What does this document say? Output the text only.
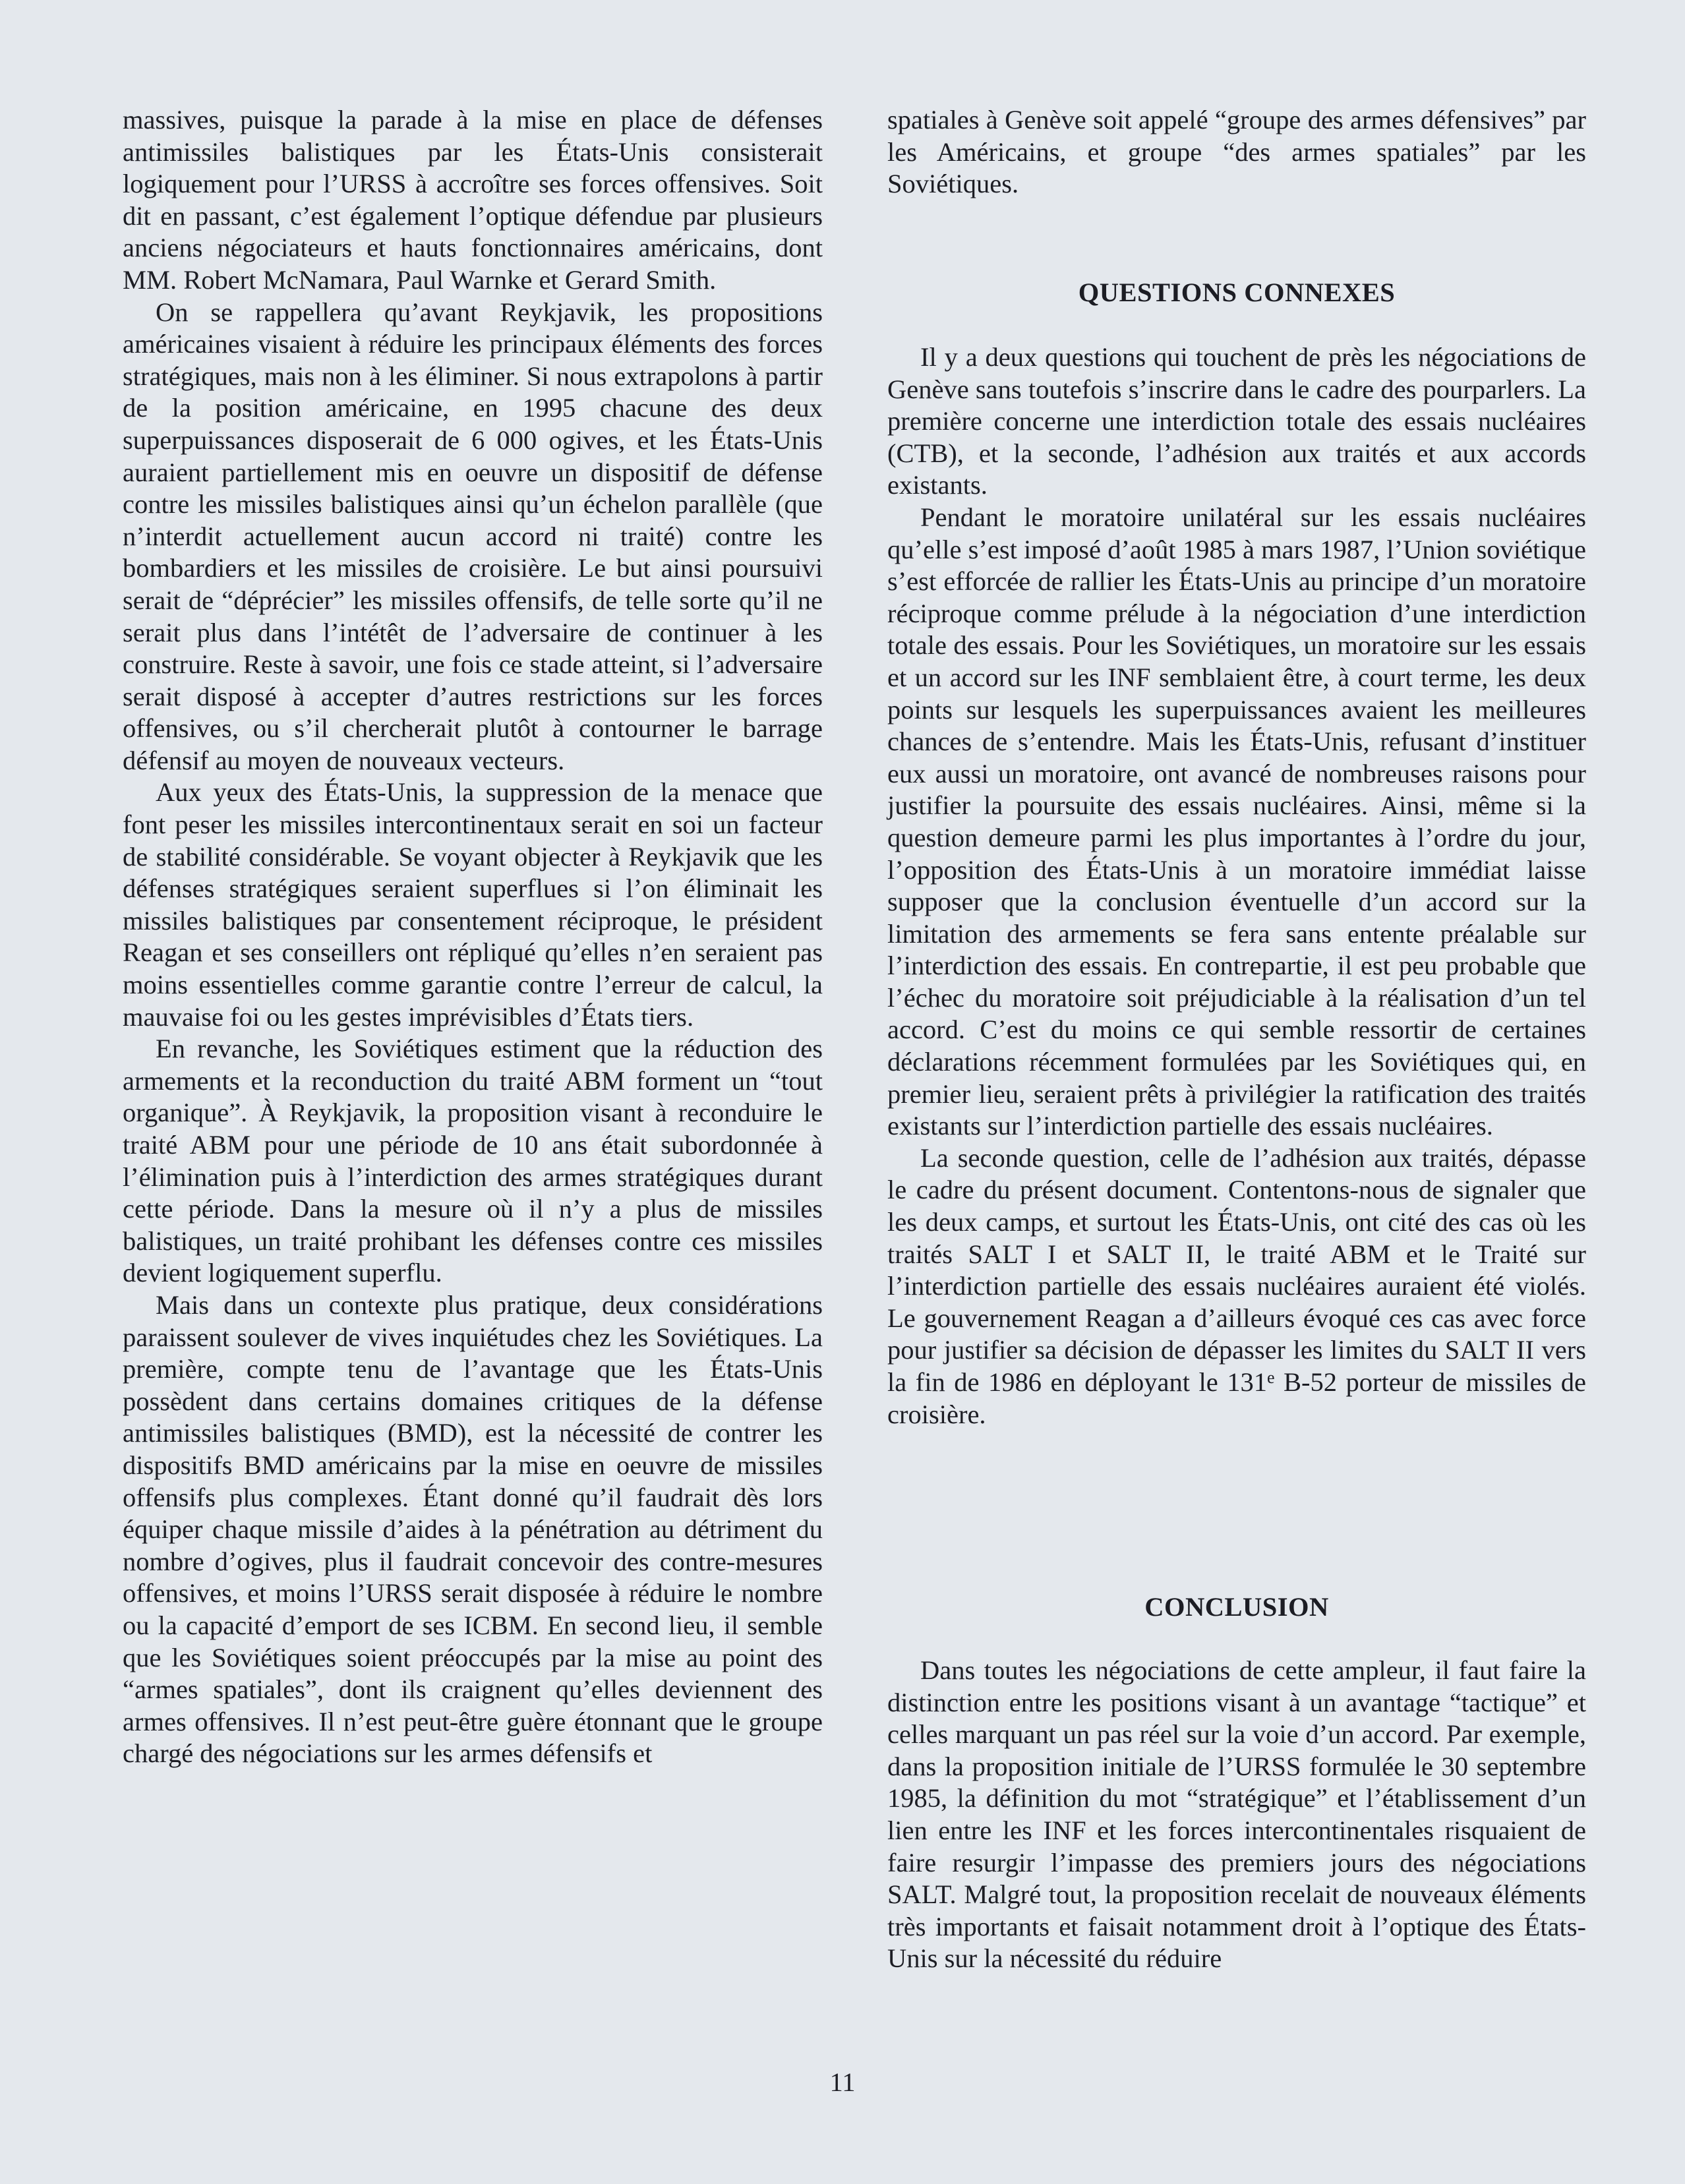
massives, puisque la parade à la mise en place de défenses antimissiles balistiques par les États-Unis consisterait logiquement pour l’URSS à accroître ses forces offensives. Soit dit en passant, c’est également l’optique défendue par plusieurs anciens négociateurs et hauts fonctionnaires américains, dont MM. Robert McNamara, Paul Warnke et Gerard Smith.

On se rappellera qu’avant Reykjavik, les propositions américaines visaient à réduire les principaux éléments des forces stratégiques, mais non à les éliminer. Si nous extrapolons à partir de la position américaine, en 1995 chacune des deux superpuissances disposerait de 6 000 ogives, et les États-Unis auraient partiellement mis en oeuvre un dispositif de défense contre les missiles balistiques ainsi qu’un échelon parallèle (que n’interdit actuellement aucun accord ni traité) contre les bombardiers et les missiles de croisière. Le but ainsi poursuivi serait de “déprécier” les missiles offensifs, de telle sorte qu’il ne serait plus dans l’intétêt de l’adversaire de continuer à les construire. Reste à savoir, une fois ce stade atteint, si l’adversaire serait disposé à accepter d’autres restrictions sur les forces offensives, ou s’il chercherait plutôt à contourner le barrage défensif au moyen de nouveaux vecteurs.

Aux yeux des États-Unis, la suppression de la menace que font peser les missiles intercontinentaux serait en soi un facteur de stabilité considérable. Se voyant objecter à Reykjavik que les défenses stratégiques seraient superflues si l’on éliminait les missiles balistiques par consentement réciproque, le président Reagan et ses conseillers ont répliqué qu’elles n’en seraient pas moins essentielles comme garantie contre l’erreur de calcul, la mauvaise foi ou les gestes imprévisibles d’États tiers.

En revanche, les Soviétiques estiment que la réduction des armements et la reconduction du traité ABM forment un “tout organique”. À Reykjavik, la proposition visant à reconduire le traité ABM pour une période de 10 ans était subordonnée à l’élimination puis à l’interdiction des armes stratégiques durant cette période. Dans la mesure où il n’y a plus de missiles balistiques, un traité prohibant les défenses contre ces missiles devient logiquement superflu.

Mais dans un contexte plus pratique, deux considérations paraissent soulever de vives inquiétudes chez les Soviétiques. La première, compte tenu de l’avantage que les États-Unis possèdent dans certains domaines critiques de la défense antimissiles balistiques (BMD), est la nécessité de contrer les dispositifs BMD américains par la mise en oeuvre de missiles offensifs plus complexes. Étant donné qu’il faudrait dès lors équiper chaque missile d’aides à la pénétration au détriment du nombre d’ogives, plus il faudrait concevoir des contre-mesures offensives, et moins l’URSS serait disposée à réduire le nombre ou la capacité d’emport de ses ICBM. En second lieu, il semble que les Soviétiques soient préoccupés par la mise au point des “armes spatiales”, dont ils craignent qu’elles deviennent des armes offensives. Il n’est peut-être guère étonnant que le groupe chargé des négociations sur les armes défensifs et

spatiales à Genève soit appelé “groupe des armes défensives” par les Américains, et groupe “des armes spatiales” par les Soviétiques.

QUESTIONS CONNEXES

Il y a deux questions qui touchent de près les négociations de Genève sans toutefois s’inscrire dans le cadre des pourparlers. La première concerne une interdiction totale des essais nucléaires (CTB), et la seconde, l’adhésion aux traités et aux accords existants.

Pendant le moratoire unilatéral sur les essais nucléaires qu’elle s’est imposé d’août 1985 à mars 1987, l’Union soviétique s’est efforcée de rallier les États-Unis au principe d’un moratoire réciproque comme prélude à la négociation d’une interdiction totale des essais. Pour les Soviétiques, un moratoire sur les essais et un accord sur les INF semblaient être, à court terme, les deux points sur lesquels les superpuissances avaient les meilleures chances de s’entendre. Mais les États-Unis, refusant d’instituer eux aussi un moratoire, ont avancé de nombreuses raisons pour justifier la poursuite des essais nucléaires. Ainsi, même si la question demeure parmi les plus importantes à l’ordre du jour, l’opposition des États-Unis à un moratoire immédiat laisse supposer que la conclusion éventuelle d’un accord sur la limitation des armements se fera sans entente préalable sur l’interdiction des essais. En contrepartie, il est peu probable que l’échec du moratoire soit préjudiciable à la réalisation d’un tel accord. C’est du moins ce qui semble ressortir de certaines déclarations récemment formulées par les Soviétiques qui, en premier lieu, seraient prêts à privilégier la ratification des traités existants sur l’interdiction partielle des essais nucléaires.

La seconde question, celle de l’adhésion aux traités, dépasse le cadre du présent document. Contentons-nous de signaler que les deux camps, et surtout les États-Unis, ont cité des cas où les traités SALT I et SALT II, le traité ABM et le Traité sur l’interdiction partielle des essais nucléaires auraient été violés. Le gouvernement Reagan a d’ailleurs évoqué ces cas avec force pour justifier sa décision de dépasser les limites du SALT II vers la fin de 1986 en déployant le 131e B-52 porteur de missiles de croisière.

CONCLUSION

Dans toutes les négociations de cette ampleur, il faut faire la distinction entre les positions visant à un avantage “tactique” et celles marquant un pas réel sur la voie d’un accord. Par exemple, dans la proposition initiale de l’URSS formulée le 30 septembre 1985, la définition du mot “stratégique” et l’établissement d’un lien entre les INF et les forces intercontinentales risquaient de faire resurgir l’impasse des premiers jours des négociations SALT. Malgré tout, la proposition recelait de nouveaux éléments très importants et faisait notamment droit à l’optique des États-Unis sur la nécessité du réduire

11
